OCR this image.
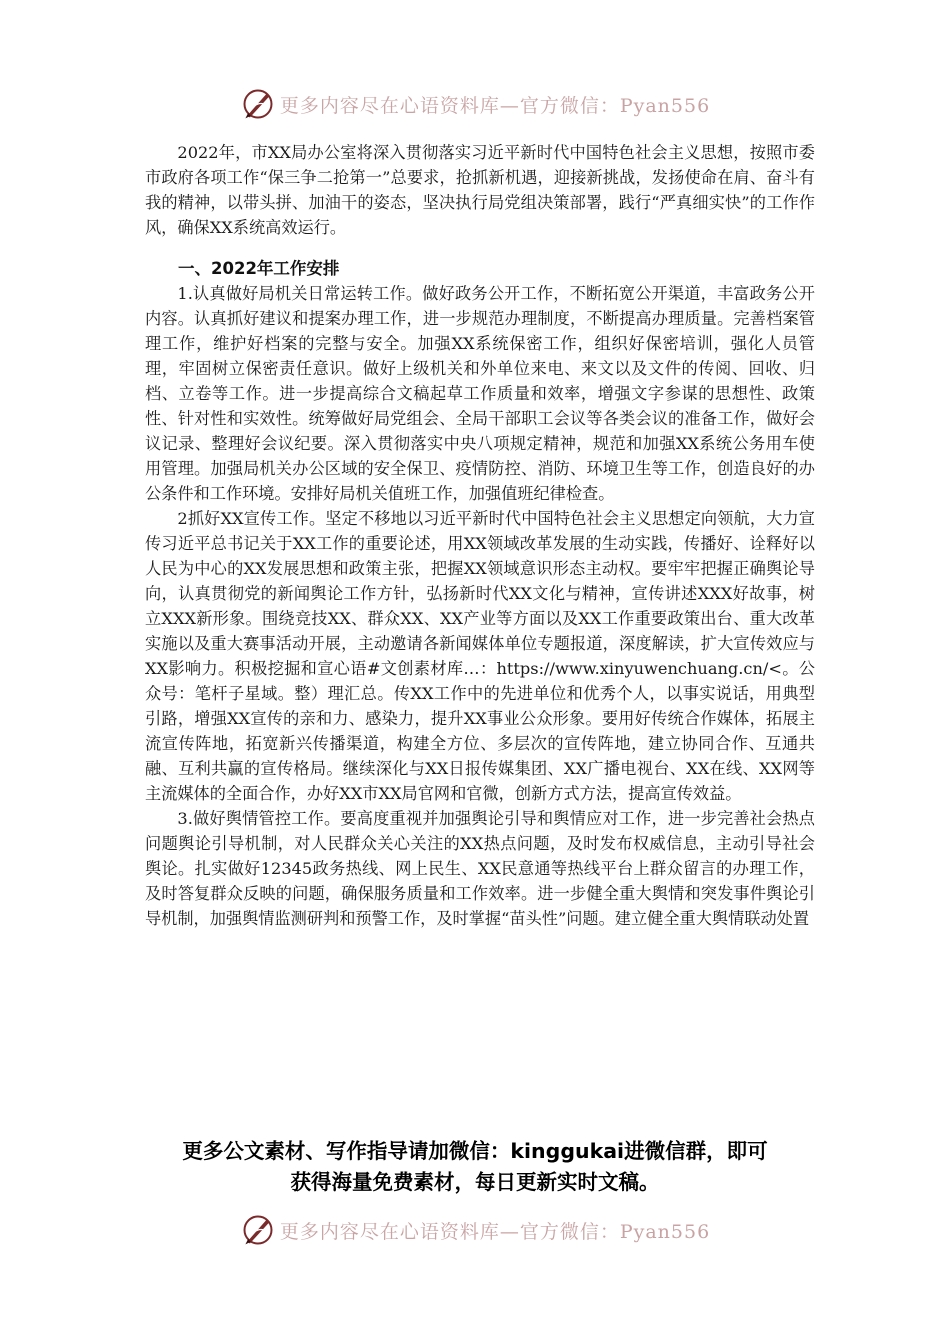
更多内容尽在心语资料库—官方微信：Pyan556

2022年，市XX局办公室将深入贯彻落实习近平新时代中国特色社会主义思想，按照市委市政府各项工作“保三争二抢第一”总要求，抢抓新机遇，迎接新挑战，发扬使命在肩、奋斗有我的精神，以带头拼、加油干的姿态，坚决执行局党组决策部署，践行“严真细实快”的工作作风，确保XX系统高效运行。

一、2022年工作安排

1.认真做好局机关日常运转工作。做好政务公开工作，不断拓宽公开渠道，丰富政务公开内容。认真抓好建议和提案办理工作，进一步规范办理制度，不断提高办理质量。完善档案管理工作，维护好档案的完整与安全。加强XX系统保密工作，组织好保密培训，强化人员管理，牢固树立保密责任意识。做好上级机关和外单位来电、来文以及文件的传阅、回收、归档、立卷等工作。进一步提高综合文稿起草工作质量和效率，增强文字参谋的思想性、政策性、针对性和实效性。统筹做好局党组会、全局干部职工会议等各类会议的准备工作，做好会议记录、整理好会议纪要。深入贯彻落实中央八项规定精神，规范和加强XX系统公务用车使用管理。加强局机关办公区域的安全保卫、疫情防控、消防、环境卫生等工作，创造良好的办公条件和工作环境。安排好局机关值班工作，加强值班纪律检查。

2抓好XX宣传工作。坚定不移地以习近平新时代中国特色社会主义思想定向领航，大力宣传习近平总书记关于XX工作的重要论述，用XX领域改革发展的生动实践，传播好、诠释好以人民为中心的XX发展思想和政策主张，把握XX领域意识形态主动权。要牢牢把握正确舆论导向，认真贯彻党的新闻舆论工作方针，弘扬新时代XX文化与精神，宣传讲述XXX好故事，树立XXX新形象。围绕竞技XX、群众XX、XX产业等方面以及XX工作重要政策出台、重大改革实施以及重大赛事活动开展，主动邀请各新闻媒体单位专题报道，深度解读，扩大宣传效应与XX影响力。积极挖掘和宣心语#文创素材库…：https://www.xinyuwenchuang.cn/<。公众号：笔杆子星域。整）理汇总。传XX工作中的先进单位和优秀个人，以事实说话，用典型引路，增强XX宣传的亲和力、感染力，提升XX事业公众形象。要用好传统合作媒体，拓展主流宣传阵地，拓宽新兴传播渠道，构建全方位、多层次的宣传阵地，建立协同合作、互通共融、互利共赢的宣传格局。继续深化与XX日报传媒集团、XX广播电视台、XX在线、XX网等主流媒体的全面合作，办好XX市XX局官网和官微，创新方式方法，提高宣传效益。

3.做好舆情管控工作。要高度重视并加强舆论引导和舆情应对工作，进一步完善社会热点问题舆论引导机制，对人民群众关心关注的XX热点问题，及时发布权威信息，主动引导社会舆论。扎实做好12345政务热线、网上民生、XX民意通等热线平台上群众留言的办理工作，及时答复群众反映的问题，确保服务质量和工作效率。进一步健全重大舆情和突发事件舆论引导机制，加强舆情监测研判和预警工作，及时掌握“苗头性”问题。建立健全重大舆情联动处置

更多公文素材、写作指导请加微信：kinggukai进微信群，即可
获得海量免费素材，每日更新实时文稿。
更多内容尽在心语资料库—官方微信：Pyan556
